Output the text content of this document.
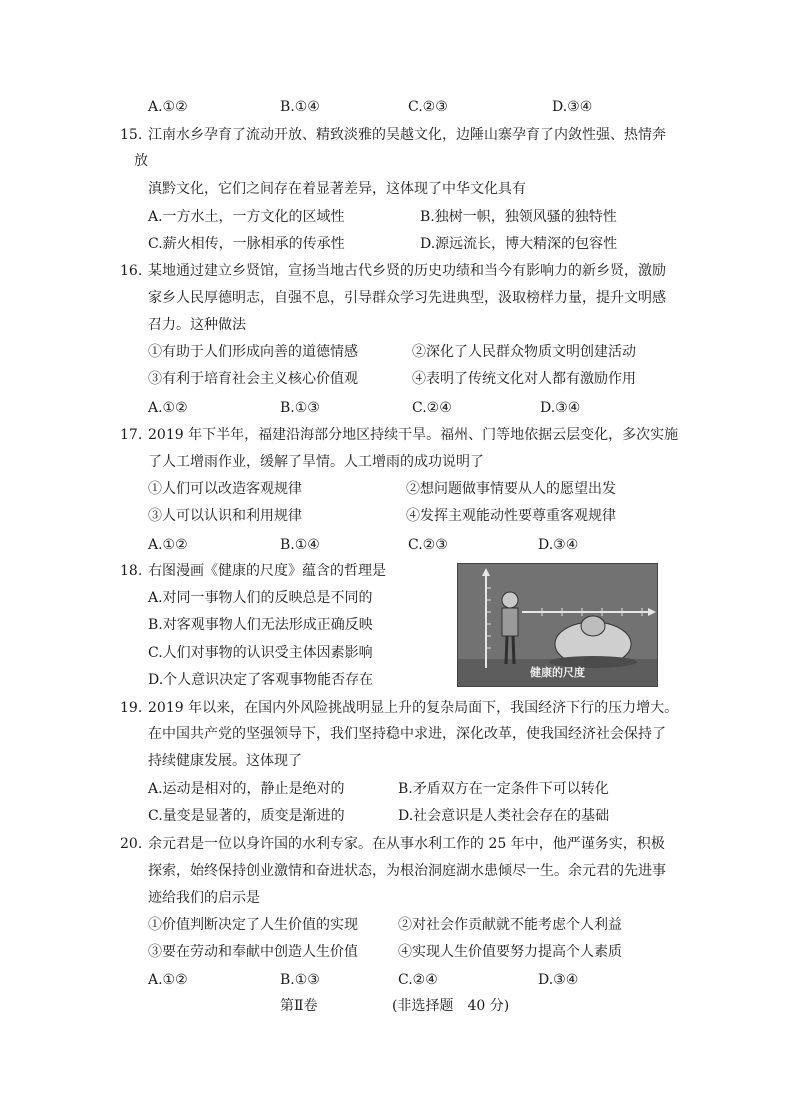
A.①②	B.①④	C.②③	D.③④
15. 江南水乡孕育了流动开放、精致淡雅的吴越文化，边陲山寨孕育了内敛性强、热情奔
放
滇黔文化，它们之间存在着显著差异，这体现了中华文化具有
A.一方水土，一方文化的区域性	B.独树一帜，独领风骚的独特性
C.薪火相传，一脉相承的传承性	D.源远流长，博大精深的包容性
16. 某地通过建立乡贤馆，宣扬当地古代乡贤的历史功绩和当今有影响力的新乡贤，激励
家乡人民厚德明志，自强不息，引导群众学习先进典型，汲取榜样力量，提升文明感
召力。这种做法
①有助于人们形成向善的道德情感	②深化了人民群众物质文明创建活动
③有利于培育社会主义核心价值观	④表明了传统文化对人都有激励作用
A.①②	B.①③	C.②④	D.③④
17. 2019 年下半年，福建沿海部分地区持续干旱。福州、门等地依据云层变化，多次实施
了人工增雨作业，缓解了旱情。人工增雨的成功说明了
①人们可以改造客观规律	②想问题做事情要从人的愿望出发
③人可以认识和利用规律	④发挥主观能动性要尊重客观规律
A.①②	B.①④	C.②③	D.③④
18. 右图漫画《健康的尺度》蕴含的哲理是
A.对同一事物人们的反映总是不同的
B.对客观事物人们无法形成正确反映
C.人们对事物的认识受主体因素影响
D.个人意识决定了客观事物能否存在	健康的尺度
19. 2019 年以来，在国内外风险挑战明显上升的复杂局面下，我国经济下行的压力增大。
在中国共产党的坚强领导下，我们坚持稳中求进，深化改革，使我国经济社会保持了
持续健康发展。这体现了
A.运动是相对的，静止是绝对的	B.矛盾双方在一定条件下可以转化
C.量变是显著的，质变是渐进的	D.社会意识是人类社会存在的基础
20. 余元君是一位以身许国的水利专家。在从事水利工作的 25 年中，他严谨务实，积极
探索，始终保持创业激情和奋进状态，为根治洞庭湖水患倾尽一生。余元君的先进事
迹给我们的启示是
①价值判断决定了人生价值的实现	②对社会作贡献就不能考虑个人利益
③要在劳动和奉献中创造人生价值	④实现人生价值要努力提高个人素质
A.①②	B.①③	C.②④	D.③④
第Ⅱ卷	(非选择题　40 分)
